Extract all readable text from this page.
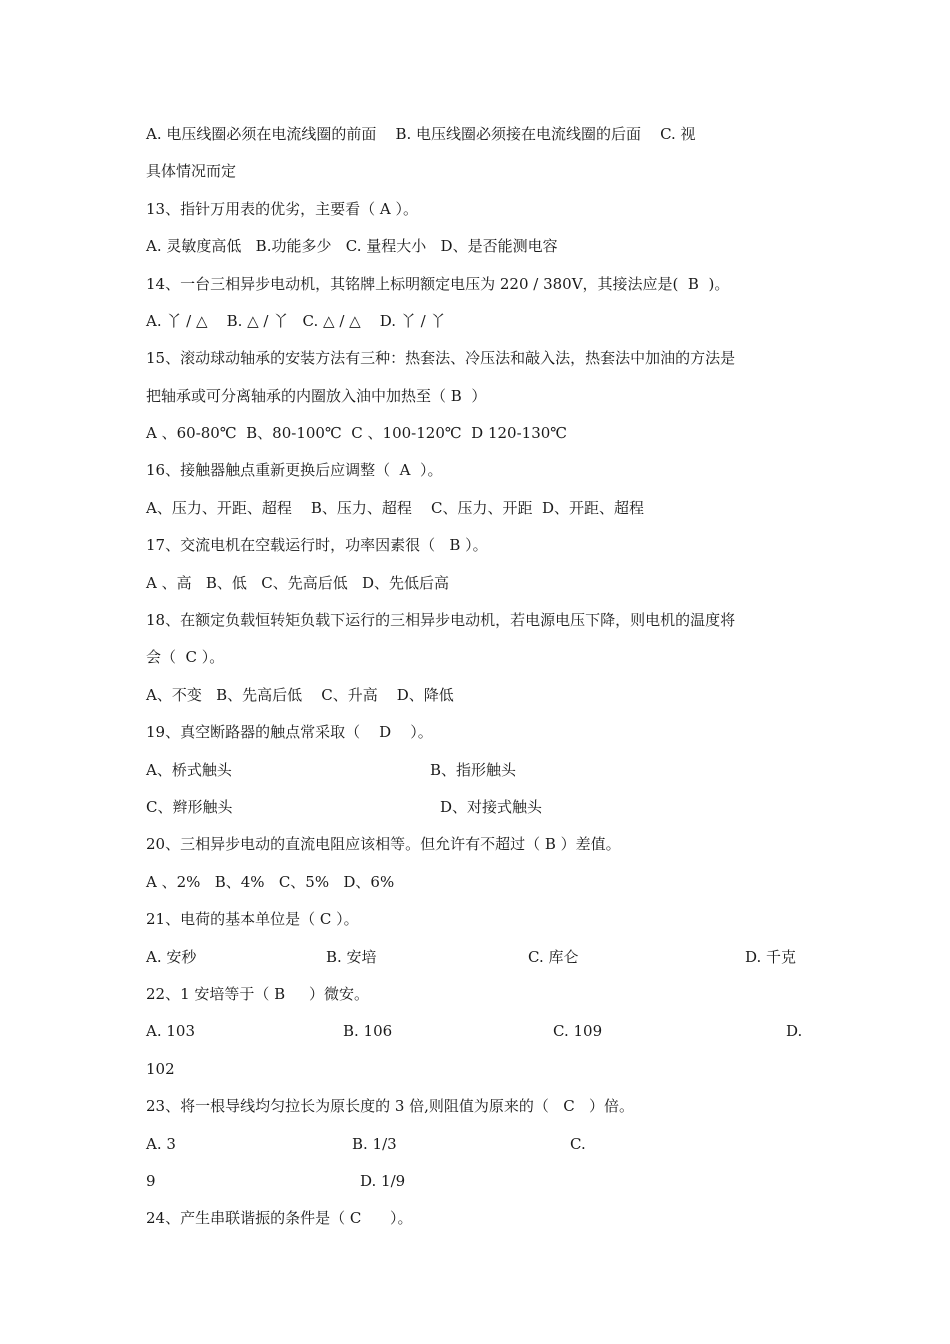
A. 电压线圈必须在电流线圈的前面    B. 电压线圈必须接在电流线圈的后面    C. 视
具体情况而定
13、指针万用表的优劣，主要看（ A ）。
A. 灵敏度高低   B.功能多少   C. 量程大小   D、是否能测电容
14、一台三相异步电动机，其铭牌上标明额定电压为 220 / 380V，其接法应是(  B  )。
A. 丫 / △    B. △ / 丫   C. △ / △    D. 丫 / 丫
15、滚动球动轴承的安装方法有三种：热套法、冷压法和敲入法，热套法中加油的方法是
把轴承或可分离轴承的内圈放入油中加热至（ B  ）
A 、60-80℃  B、80-100℃  C 、100-120℃  D 120-130℃
16、接触器触点重新更换后应调整（  A  ）。
A、压力、开距、超程    B、压力、超程    C、压力、开距  D、开距、超程
17、交流电机在空载运行时，功率因素很（   B ）。
A 、高   B、低   C、先高后低   D、先低后高
18、在额定负载恒转矩负载下运行的三相异步电动机，若电源电压下降，则电机的温度将
会（  C ）。
A、不变   B、先高后低    C、升高    D、降低
19、真空断路器的触点常采取（    D    ）。
A、桥式触头	B、指形触头
C、辫形触头	D、对接式触头
20、三相异步电动的直流电阻应该相等。但允许有不超过（ B ）差值。
A 、2%   B、4%   C、5%   D、6%
21、电荷的基本单位是（ C ）。
A. 安秒	B. 安培	C. 库仑	D. 千克
22、1 安培等于（ B     ）微安。
A. 103	B. 106	C. 109	D.
102
23、将一根导线均匀拉长为原长度的 3 倍,则阻值为原来的（   C   ）倍。
A. 3	B. 1/3	C.
9	D. 1/9
24、产生串联谐振的条件是（ C      ）。
